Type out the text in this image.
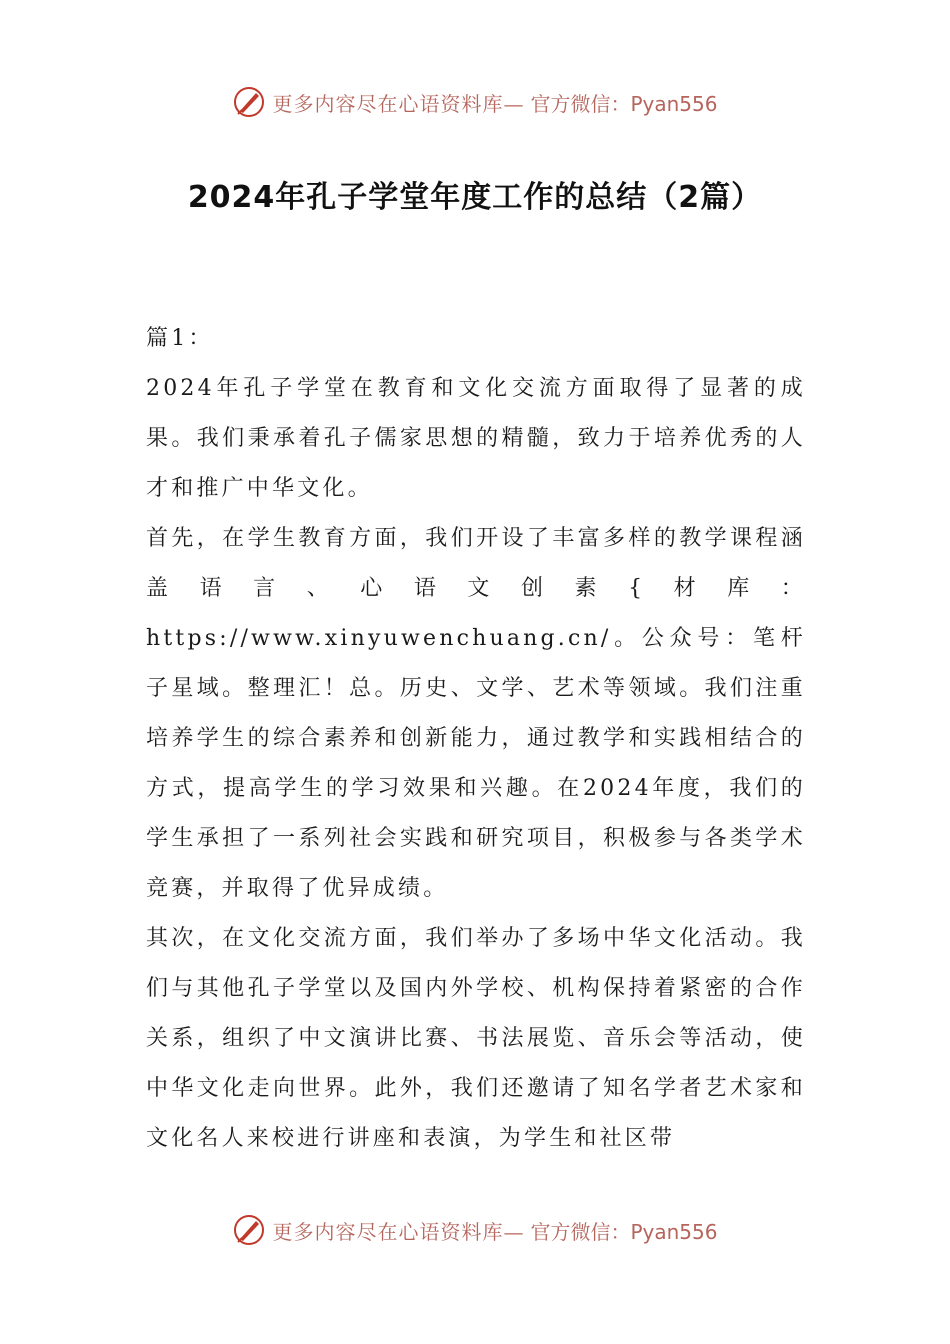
更多内容尽在心语资料库— 官方微信：Pyan556
2024年孔子学堂年度工作的总结（2篇）

篇1：

2024年孔子学堂在教育和文化交流方面取得了显著的成果。我们秉承着孔子儒家思想的精髓，致力于培养优秀的人才和推广中华文化。

首先，在学生教育方面，我们开设了丰富多样的教学课程涵盖语言、心语文创素{材库：https://www.xinyuwenchuang.cn/。公众号：笔杆子星域。整理汇！总。历史、文学、艺术等领域。我们注重培养学生的综合素养和创新能力，通过教学和实践相结合的方式，提高学生的学习效果和兴趣。在2024年度，我们的学生承担了一系列社会实践和研究项目，积极参与各类学术竞赛，并取得了优异成绩。

其次，在文化交流方面，我们举办了多场中华文化活动。我们与其他孔子学堂以及国内外学校、机构保持着紧密的合作关系，组织了中文演讲比赛、书法展览、音乐会等活动，使中华文化走向世界。此外，我们还邀请了知名学者艺术家和文化名人来校进行讲座和表演，为学生和社区带

更多内容尽在心语资料库— 官方微信：Pyan556
